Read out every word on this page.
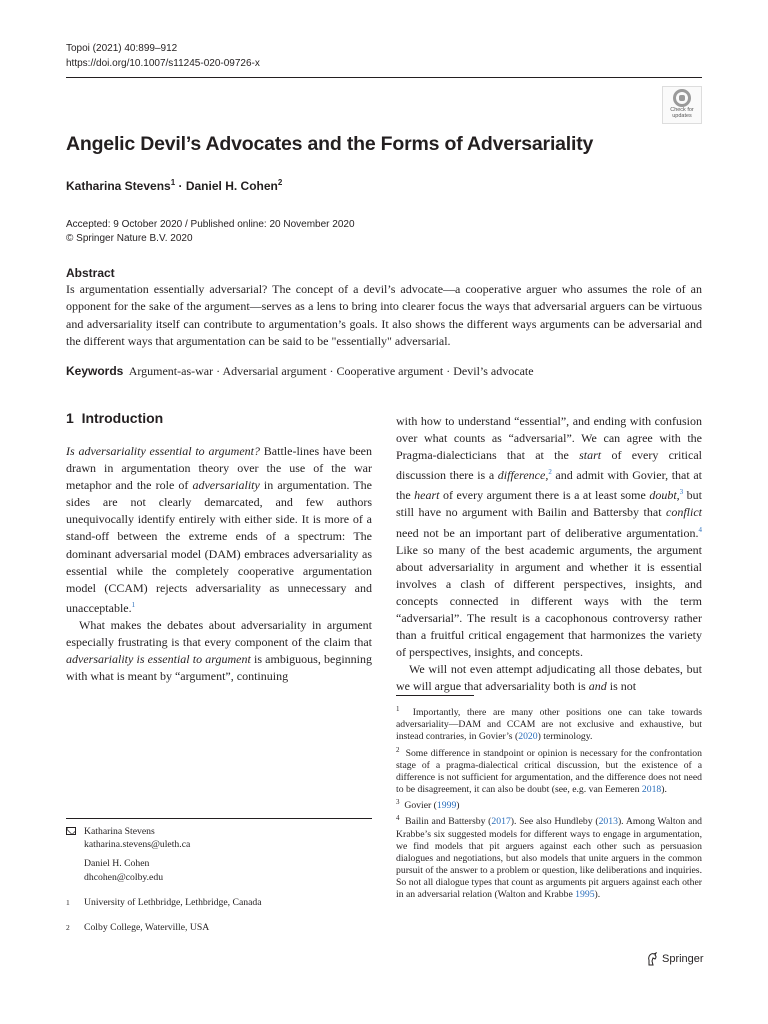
Topoi (2021) 40:899–912
https://doi.org/10.1007/s11245-020-09726-x
Check for
updates
Angelic Devil’s Advocates and the Forms of Adversariality
Katharina Stevens$^1$ · Daniel H. Cohen$^2$
Accepted: 9 October 2020 / Published online: 20 November 2020
© Springer Nature B.V. 2020
Abstract

Is argumentation essentially adversarial? The concept of a devil’s advocate—a cooperative arguer who assumes the role of an opponent for the sake of the argument—serves as a lens to bring into clearer focus the ways that adversarial arguers can be virtuous and adversariality itself can contribute to argumentation’s goals. It also shows the different ways arguments can be adversarial and the different ways that argumentation can be said to be "essentially" adversarial.

Keywords Argument-as-war · Adversarial argument · Cooperative argument · Devil’s advocate
1 Introduction

Is adversariality essential to argument? Battle-lines have been drawn in argumentation theory over the use of the war metaphor and the role of adversariality in argumentation. The sides are not clearly demarcated, and few authors unequivocally identify entirely with either side. It is more of a stand-off between the extreme ends of a spectrum: The dominant adversarial model (DAM) embraces adversariality as essential while the completely cooperative argumentation model (CCAM) rejects adversariality as unnecessary and unacceptable.$^1$

What makes the debates about adversariality in argument especially frustrating is that every component of the claim that adversariality is essential to argument is ambiguous, beginning with what is meant by “argument”, continuing

with how to understand “essential”, and ending with confusion over what counts as “adversarial”. We can agree with the Pragma-dialecticians that at the start of every critical discussion there is a difference,$^2$ and admit with Govier, that at the heart of every argument there is a at least some doubt,$^3$ but still have no argument with Bailin and Battersby that conflict need not be an important part of deliberative argumentation.$^4$ Like so many of the best academic arguments, the argument about adversariality in argument and whether it is essential involves a clash of different perspectives, insights, and concepts connected in different ways with the term “adversarial”. The result is a cacophonous controversy rather than a fruitful critical engagement that harmonizes the variety of perspectives, insights, and concepts.

We will not even attempt adjudicating all those debates, but we will argue that adversariality both is and is not

$^1$ Importantly, there are many other positions one can take towards adversariality—DAM and CCAM are not exclusive and exhaustive, but instead contraries, in Govier’s (2020) terminology.

$^2$ Some difference in standpoint or opinion is necessary for the confrontation stage of a pragma-dialectical critical discussion, but the existence of a difference is not sufficient for argumentation, and the difference does not need to be disagreement, it can also be doubt (see, e.g. van Eemeren 2018).

$^3$ Govier (1999)

$^4$ Bailin and Battersby (2017). See also Hundleby (2013). Among Walton and Krabbe’s six suggested models for different ways to engage in argumentation, we find models that pit arguers against each other such as persuasion dialogues and negotiations, but also models that unite arguers in the common pursuit of the answer to a problem or question, like deliberations and inquiries. So not all dialogue types that count as arguments pit arguers against each other in an adversarial relation (Walton and Krabbe 1995).

Katharina Stevens
katharina.stevens@uleth.ca
Daniel H. Cohen
dhcohen@colby.edu
$^1$	University of Lethbridge, Lethbridge, Canada
$^2$	Colby College, Waterville, USA
Springer
